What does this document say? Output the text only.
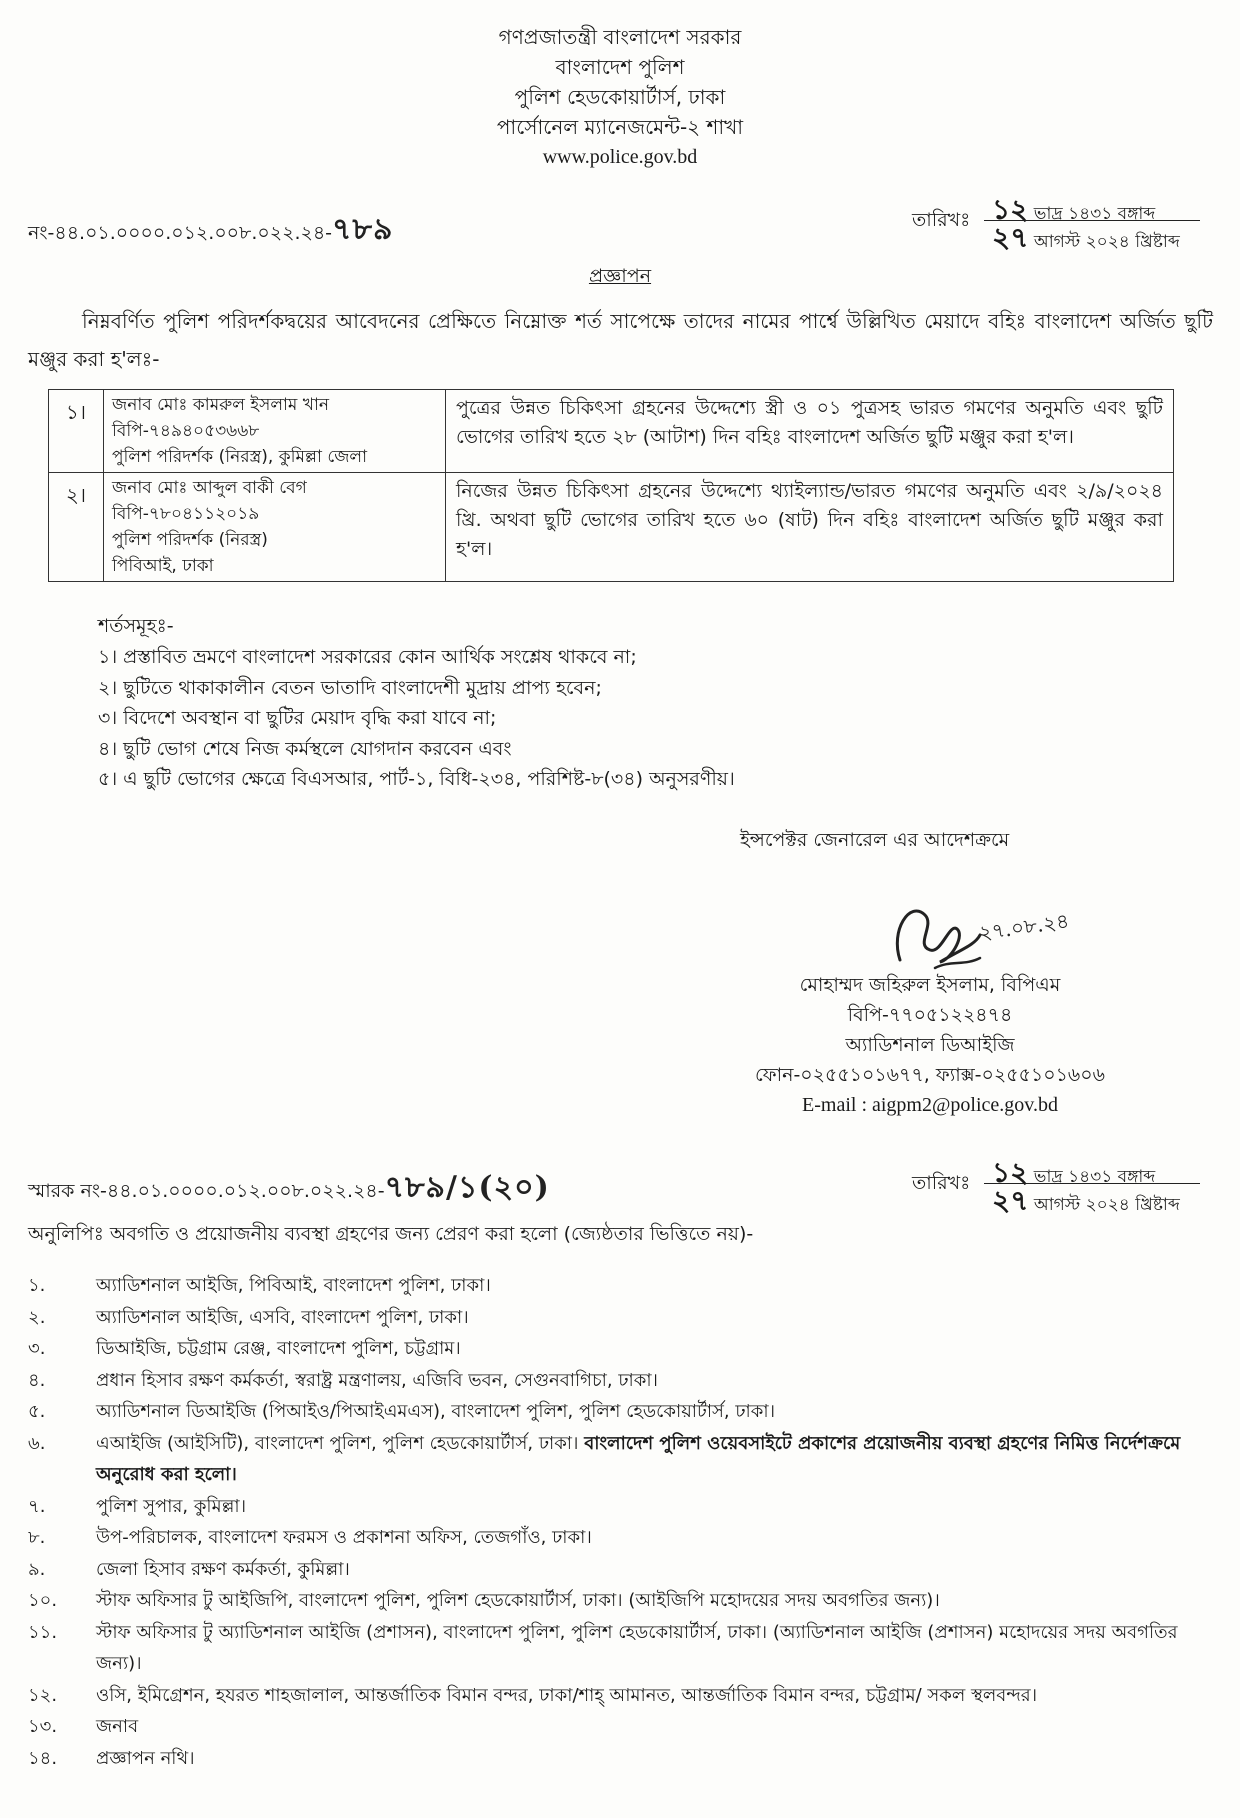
গণপ্রজাতন্ত্রী বাংলাদেশ সরকার
বাংলাদেশ পুলিশ
পুলিশ হেডকোয়ার্টার্স, ঢাকা
পার্সোনেল ম্যানেজমেন্ট-২ শাখা
www.police.gov.bd
নং-৪৪.০১.০০০০.০১২.০০৮.০২২.২৪-৭৮৯	তারিখঃ ১২ ভাদ্র ১৪৩১ বঙ্গাব্দ
২৭ আগস্ট ২০২৪ খ্রিষ্টাব্দ
প্রজ্ঞাপন
নিম্নবর্ণিত পুলিশ পরিদর্শকদ্বয়ের আবেদনের প্রেক্ষিতে নিম্নোক্ত শর্ত সাপেক্ষে তাদের নামের পার্শ্বে উল্লিখিত মেয়াদে বহিঃ বাংলাদেশ অর্জিত ছুটি মঞ্জুর করা হ'লঃ-
১।	জনাব মোঃ কামরুল ইসলাম খান
বিপি-৭৪৯৪০৫৩৬৬৮
পুলিশ পরিদর্শক (নিরস্ত্র), কুমিল্লা জেলা	পুত্রের উন্নত চিকিৎসা গ্রহনের উদ্দেশ্যে স্ত্রী ও ০১ পুত্রসহ ভারত গমণের অনুমতি এবং ছুটি ভোগের তারিখ হতে ২৮ (আটাশ) দিন বহিঃ বাংলাদেশ অর্জিত ছুটি মঞ্জুর করা হ'ল।
২।	জনাব মোঃ আব্দুল বাকী বেগ
বিপি-৭৮০৪১১২০১৯
পুলিশ পরিদর্শক (নিরস্ত্র)
পিবিআই, ঢাকা	নিজের উন্নত চিকিৎসা গ্রহনের উদ্দেশ্যে থ্যাইল্যান্ড/ভারত গমণের অনুমতি এবং ২/৯/২০২৪ খ্রি. অথবা ছুটি ভোগের তারিখ হতে ৬০ (ষাট) দিন বহিঃ বাংলাদেশ অর্জিত ছুটি মঞ্জুর করা হ'ল।
শর্তসমূহঃ-
১। প্রস্তাবিত ভ্রমণে বাংলাদেশ সরকারের কোন আর্থিক সংশ্লেষ থাকবে না;
২। ছুটিতে থাকাকালীন বেতন ভাতাদি বাংলাদেশী মুদ্রায় প্রাপ্য হবেন;
৩। বিদেশে অবস্থান বা ছুটির মেয়াদ বৃদ্ধি করা যাবে না;
৪। ছুটি ভোগ শেষে নিজ কর্মস্থলে যোগদান করবেন এবং
৫। এ ছুটি ভোগের ক্ষেত্রে বিএসআর, পার্ট-১, বিধি-২৩৪, পরিশিষ্ট-৮(৩৪) অনুসরণীয়।
ইন্সপেক্টর জেনারেল এর আদেশক্রমে
২৭.০৮.২৪
মোহাম্মদ জহিরুল ইসলাম, বিপিএম
বিপি-৭৭০৫১২২৪৭৪
অ্যাডিশনাল ডিআইজি
ফোন-০২৫৫১০১৬৭৭, ফ্যাক্স-০২৫৫১০১৬০৬
E-mail : aigpm2@police.gov.bd
স্মারক নং-৪৪.০১.০০০০.০১২.০০৮.০২২.২৪-৭৮৯/১(২০)	তারিখঃ ১২ ভাদ্র ১৪৩১ বঙ্গাব্দ
২৭ আগস্ট ২০২৪ খ্রিষ্টাব্দ
অনুলিপিঃ অবগতি ও প্রয়োজনীয় ব্যবস্থা গ্রহণের জন্য প্রেরণ করা হলো (জ্যেষ্ঠতার ভিত্তিতে নয়)-
১.	অ্যাডিশনাল আইজি, পিবিআই, বাংলাদেশ পুলিশ, ঢাকা।
২.	অ্যাডিশনাল আইজি, এসবি, বাংলাদেশ পুলিশ, ঢাকা।
৩.	ডিআইজি, চট্টগ্রাম রেঞ্জ, বাংলাদেশ পুলিশ, চট্টগ্রাম।
৪.	প্রধান হিসাব রক্ষণ কর্মকর্তা, স্বরাষ্ট্র মন্ত্রণালয়, এজিবি ভবন, সেগুনবাগিচা, ঢাকা।
৫.	অ্যাডিশনাল ডিআইজি (পিআইও/পিআইএমএস), বাংলাদেশ পুলিশ, পুলিশ হেডকোয়ার্টার্স, ঢাকা।
৬.	এআইজি (আইসিটি), বাংলাদেশ পুলিশ, পুলিশ হেডকোয়ার্টার্স, ঢাকা। বাংলাদেশ পুলিশ ওয়েবসাইটে প্রকাশের প্রয়োজনীয় ব্যবস্থা গ্রহণের নিমিত্ত নির্দেশক্রমে অনুরোধ করা হলো।
৭.	পুলিশ সুপার, কুমিল্লা।
৮.	উপ-পরিচালক, বাংলাদেশ ফরমস ও প্রকাশনা অফিস, তেজগাঁও, ঢাকা।
৯.	জেলা হিসাব রক্ষণ কর্মকর্তা, কুমিল্লা।
১০.	স্টাফ অফিসার টু আইজিপি, বাংলাদেশ পুলিশ, পুলিশ হেডকোয়ার্টার্স, ঢাকা। (আইজিপি মহোদয়ের সদয় অবগতির জন্য)।
১১.	স্টাফ অফিসার টু অ্যাডিশনাল আইজি (প্রশাসন), বাংলাদেশ পুলিশ, পুলিশ হেডকোয়ার্টার্স, ঢাকা। (অ্যাডিশনাল আইজি (প্রশাসন) মহোদয়ের সদয় অবগতির জন্য)।
১২.	ওসি, ইমিগ্রেশন, হযরত শাহজালাল, আন্তর্জাতিক বিমান বন্দর, ঢাকা/শাহ্ আমানত, আন্তর্জাতিক বিমান বন্দর, চট্টগ্রাম/ সকল স্থলবন্দর।
১৩.	জনাব
১৪.	প্রজ্ঞাপন নথি।
